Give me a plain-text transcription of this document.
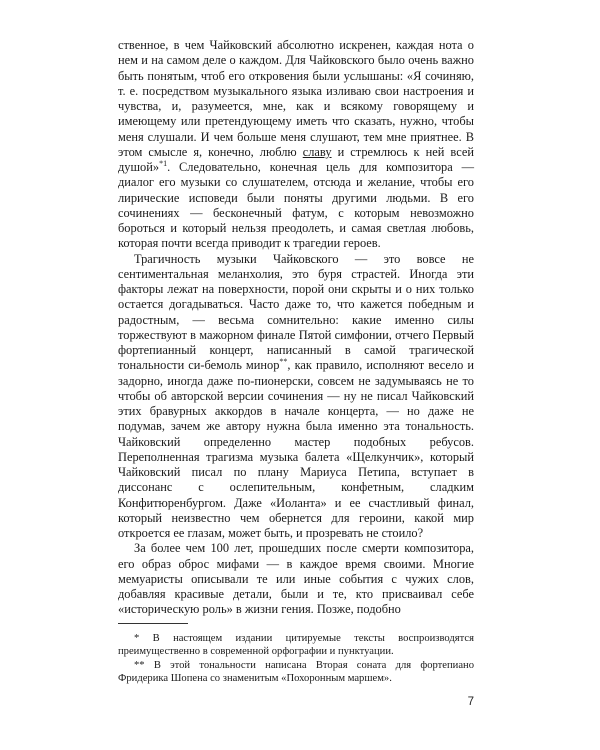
ственное, в чем Чайковский абсолютно искренен, каждая нота о нем и на самом деле о каждом. Для Чайковского было очень важно быть понятым, чтоб его откровения были услышаны: «Я сочиняю, т. е. посредством музыкального языка изливаю свои настроения и чувства, и, разумеется, мне, как и всякому говорящему и имеющему или претендующему иметь что сказать, нужно, чтобы меня слушали. И чем больше меня слушают, тем мне приятнее. В этом смысле я, конечно, люблю славу и стремлюсь к ней всей душой»$^{*1}$. Следовательно, конечная цель для композитора — диалог его музыки со слушателем, отсюда и желание, чтобы его лирические исповеди были поняты другими людьми. В его сочинениях — бесконечный фатум, с которым невозможно бороться и который нельзя преодолеть, и самая светлая любовь, которая почти всегда приводит к трагедии героев.

Трагичность музыки Чайковского — это вовсе не сентиментальная меланхолия, это буря страстей. Иногда эти факторы лежат на поверхности, порой они скрыты и о них только остается догадываться. Часто даже то, что кажется победным и радостным, — весьма сомнительно: какие именно силы торжествуют в мажорном финале Пятой симфонии, отчего Первый фортепианный концерт, написанный в самой трагической тональности си-бемоль минор**, как правило, исполняют весело и задорно, иногда даже по-пионерски, совсем не задумываясь не то чтобы об авторской версии сочинения — ну не писал Чайковский этих бравурных аккордов в начале концерта, — но даже не подумав, зачем же автору нужна была именно эта тональность. Чайковский определенно мастер подобных ребусов. Переполненная трагизма музыка балета «Щелкунчик», который Чайковский писал по плану Мариуса Петипа, вступает в диссонанс с ослепительным, конфетным, сладким Конфитюренбургом. Даже «Иоланта» и ее счастливый финал, который неизвестно чем обернется для героини, какой мир откроется ее глазам, может быть, и прозревать не стоило?

За более чем 100 лет, прошедших после смерти композитора, его образ оброс мифами — в каждое время своими. Многие мемуаристы описывали те или иные события с чужих слов, добавляя красивые детали, были и те, кто присваивал себе «историческую роль» в жизни гения. Позже, подобно

* В настоящем издании цитируемые тексты воспроизводятся преимущественно в современной орфографии и пунктуации.

** В этой тональности написана Вторая соната для фортепиано Фридерика Шопена со знаменитым «Похоронным маршем».

7
